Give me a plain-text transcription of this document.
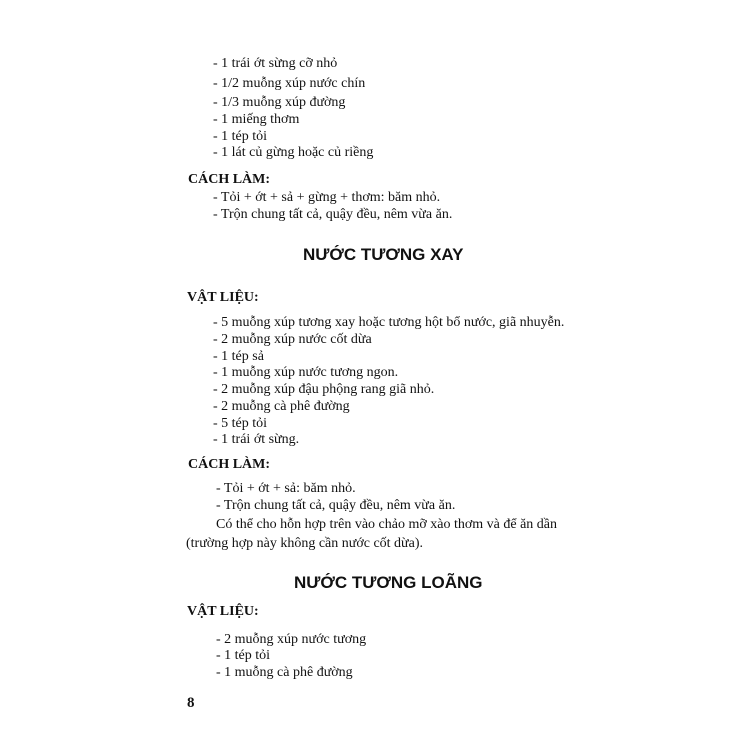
- 1 trái ớt sừng cỡ nhỏ
- 1/2 muỗng xúp nước chín
- 1/3 muỗng xúp đường
- 1 miếng thơm
- 1 tép tỏi
- 1 lát củ gừng hoặc củ riềng
CÁCH LÀM:
- Tỏi + ớt + sả + gừng + thơm: băm nhỏ.
- Trộn chung tất cả, quậy đều, nêm vừa ăn.
NƯỚC TƯƠNG XAY
VẬT LIỆU:
- 5 muỗng xúp tương xay hoặc tương hột bổ nước, giã nhuyễn.
- 2 muỗng xúp nước cốt dừa
- 1 tép sả
- 1 muỗng xúp nước tương ngon.
- 2 muỗng xúp đậu phộng rang giã nhỏ.
- 2 muỗng cà phê đường
- 5 tép tỏi
- 1 trái ớt sừng.
CÁCH LÀM:
- Tỏi + ớt + sả: băm nhỏ.
- Trộn chung tất cả, quậy đều, nêm vừa ăn.
Có thể cho hỗn hợp trên vào chảo mỡ xào thơm và để ăn dần
(trường hợp này không cần nước cốt dừa).
NƯỚC TƯƠNG LOÃNG
VẬT LIỆU:
- 2 muỗng xúp nước tương
- 1 tép tỏi
- 1 muỗng cà phê đường
8
